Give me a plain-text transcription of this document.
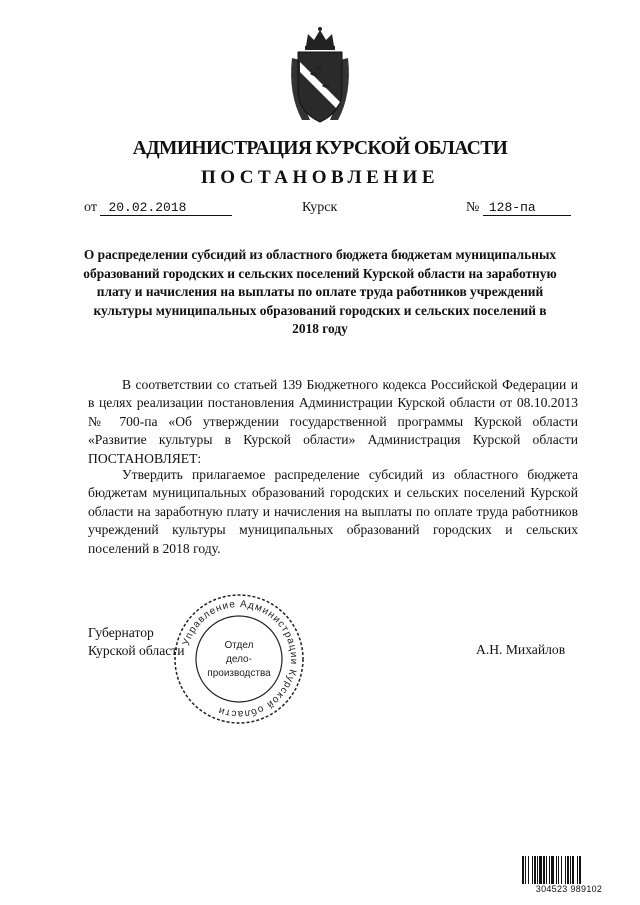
АДМИНИСТРАЦИЯ КУРСКОЙ ОБЛАСТИ
ПОСТАНОВЛЕНИЕ
от 20.02.2018	Курск	№ 128-па
О распределении субсидий из областного бюджета бюджетам муниципальных образований городских и сельских поселений Курской области на заработную плату и начисления на выплаты по оплате труда работников учреждений культуры муниципальных образований городских и сельских поселений в 2018 году
В соответствии со статьей 139 Бюджетного кодекса Российской Федерации и в целях реализации постановления Администрации Курской области от 08.10.2013 № 700-па «Об утверждении государственной программы Курской области «Развитие культуры в Курской области» Администрация Курской области ПОСТАНОВЛЯЕТ:
Утвердить прилагаемое распределение субсидий из областного бюджета бюджетам муниципальных образований городских и сельских поселений Курской области на заработную плату и начисления на выплаты по оплате труда работников учреждений культуры муниципальных образований городских и сельских поселений в 2018 году.
Губернатор
Курской области	А.Н. Михайлов
Управление Администрации Курской области
Отдел
дело-
производства
304523 989102
